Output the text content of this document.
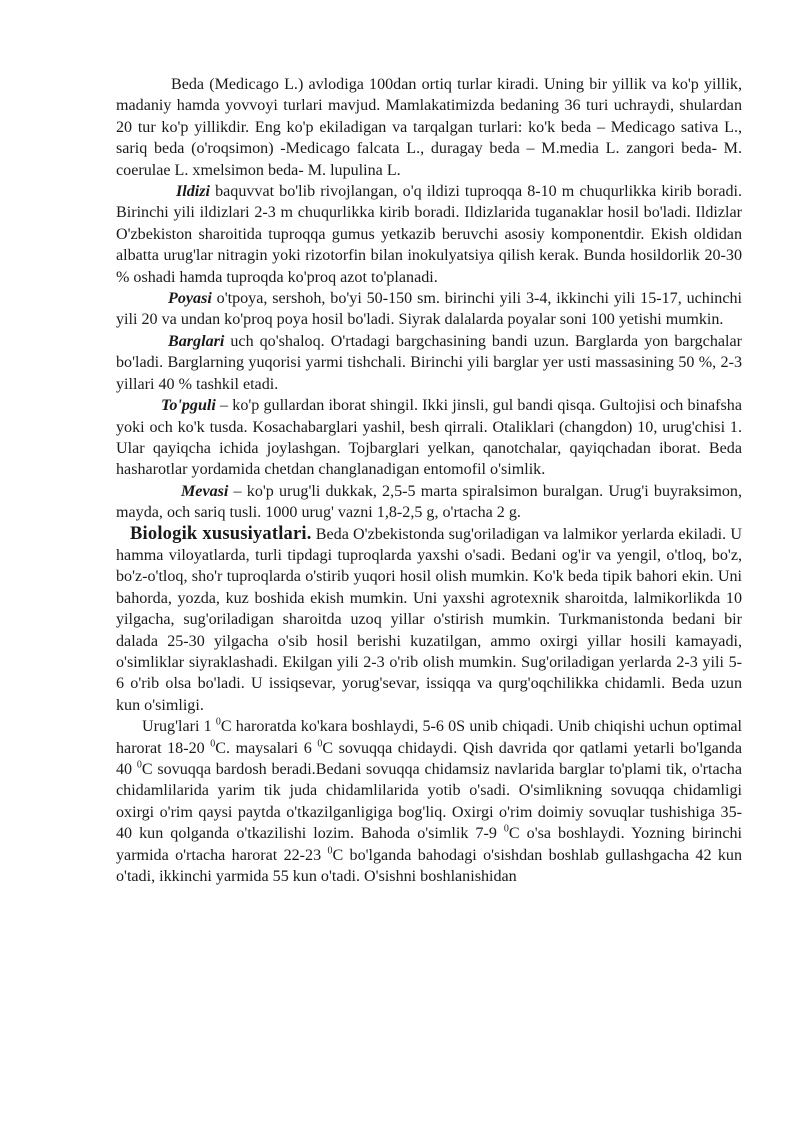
Beda (Medicago L.) avlodiga 100dan ortiq turlar kiradi. Uning bir yillik va ko'p yillik, madaniy hamda yovvoyi turlari mavjud. Mamlakatimizda bedaning 36 turi uchraydi, shulardan 20 tur ko'p yillikdir. Eng ko'p ekiladigan va tarqalgan turlari: ko'k beda – Medicago sativa L., sariq beda (o'roqsimon) -Medicago falcata L., duragay beda – M.media L. zangori beda- M. coerulae L. xmelsimon beda- M. lupulina L.

Ildizi baquvvat bo'lib rivojlangan, o'q ildizi tuproqqa 8-10 m chuqurlikka kirib boradi. Birinchi yili ildizlari 2-3 m chuqurlikka kirib boradi. Ildizlarida tuganaklar hosil bo'ladi. Ildizlar O'zbekiston sharoitida tuproqqa gumus yetkazib beruvchi asosiy komponentdir. Ekish oldidan albatta urug'lar nitragin yoki rizotorfin bilan inokulyatsiya qilish kerak. Bunda hosildorlik 20-30 % oshadi hamda tuproqda ko'proq azot to'planadi.

Poyasi o'tpoya, sershoh, bo'yi 50-150 sm. birinchi yili 3-4, ikkinchi yili 15-17, uchinchi yili 20 va undan ko'proq poya hosil bo'ladi. Siyrak dalalarda poyalar soni 100 yetishi mumkin.

Barglari uch qo'shaloq. O'rtadagi bargchasining bandi uzun. Barglarda yon bargchalar bo'ladi. Barglarning yuqorisi yarmi tishchali. Birinchi yili barglar yer usti massasining 50 %, 2-3 yillari 40 % tashkil etadi.

To'pguli – ko'p gullardan iborat shingil. Ikki jinsli, gul bandi qisqa. Gultojisi och binafsha yoki och ko'k tusda. Kosachabarglari yashil, besh qirrali. Otaliklari (changdon) 10, urug'chisi 1. Ular qayiqcha ichida joylashgan. Tojbarglari yelkan, qanotchalar, qayiqchadan iborat. Beda hasharotlar yordamida chetdan changlanadigan entomofil o'simlik.

Mevasi – ko'p urug'li dukkak, 2,5-5 marta spiralsimon buralgan. Urug'i buyraksimon, mayda, och sariq tusli. 1000 urug' vazni 1,8-2,5 g, o'rtacha 2 g.

Biologik xususiyatlari. Beda O'zbekistonda sug'oriladigan va lalmikor yerlarda ekiladi. U hamma viloyatlarda, turli tipdagi tuproqlarda yaxshi o'sadi. Bedani og'ir va yengil, o'tloq, bo'z, bo'z-o'tloq, sho'r tuproqlarda o'stirib yuqori hosil olish mumkin. Ko'k beda tipik bahori ekin. Uni bahorda, yozda, kuz boshida ekish mumkin. Uni yaxshi agrotexnik sharoitda, lalmikorlikda 10 yilgacha, sug'oriladigan sharoitda uzoq yillar o'stirish mumkin. Turkmanistonda bedani bir dalada 25-30 yilgacha o'sib hosil berishi kuzatilgan, ammo oxirgi yillar hosili kamayadi, o'simliklar siyraklashadi. Ekilgan yili 2-3 o'rib olish mumkin. Sug'oriladigan yerlarda 2-3 yili 5-6 o'rib olsa bo'ladi. U issiqsevar, yorug'sevar, issiqqa va qurg'oqchilikka chidamli. Beda uzun kun o'simligi.

Urug'lari 1 $^0$C haroratda ko'kara boshlaydi, 5-6 0S unib chiqadi. Unib chiqishi uchun optimal harorat 18-20 $^0$C. maysalari 6 $^0$C sovuqqa chidaydi. Qish davrida qor qatlami yetarli bo'lganda 40 $^0$C sovuqqa bardosh beradi.Bedani sovuqqa chidamsiz navlarida barglar to'plami tik, o'rtacha chidamlilarida yarim tik juda chidamlilarida yotib o'sadi. O'simlikning sovuqqa chidamligi oxirgi o'rim qaysi paytda o'tkazilganligiga bog'liq. Oxirgi o'rim doimiy sovuqlar tushishiga 35-40 kun qolganda o'tkazilishi lozim. Bahoda o'simlik 7-9 $^0$C o'sa boshlaydi. Yozning birinchi yarmida o'rtacha harorat 22-23 $^0$C bo'lganda bahodagi o'sishdan boshlab gullashgacha 42 kun o'tadi, ikkinchi yarmida 55 kun o'tadi. O'sishni boshlanishidan
